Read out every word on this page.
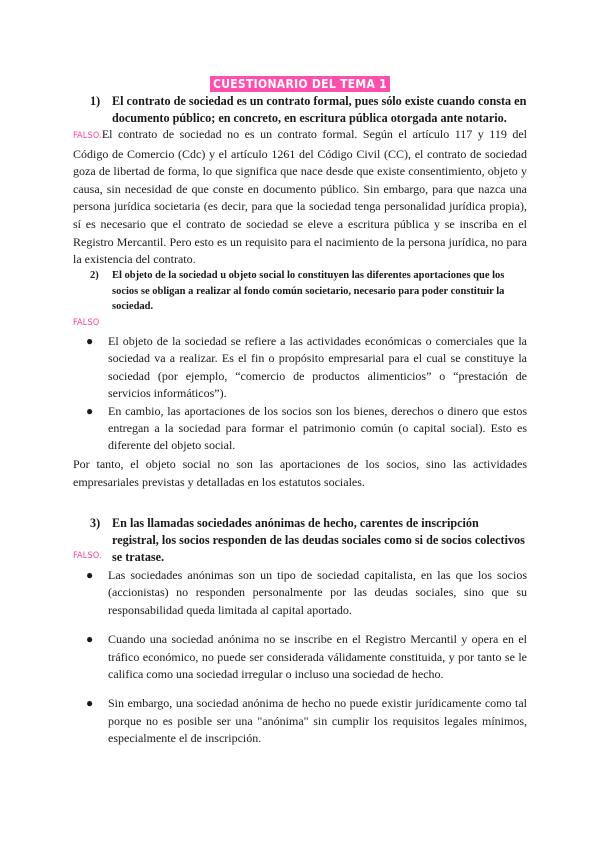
CUESTIONARIO DEL TEMA 1
1) El contrato de sociedad es un contrato formal, pues sólo existe cuando consta en documento público; en concreto, en escritura pública otorgada ante notario.
FALSO.El contrato de sociedad no es un contrato formal. Según el artículo 117 y 119 del Código de Comercio (Cdc) y el artículo 1261 del Código Civil (CC), el contrato de sociedad goza de libertad de forma, lo que significa que nace desde que existe consentimiento, objeto y causa, sin necesidad de que conste en documento público. Sin embargo, para que nazca una persona jurídica societaria (es decir, para que la sociedad tenga personalidad jurídica propia), sí es necesario que el contrato de sociedad se eleve a escritura pública y se inscriba en el Registro Mercantil. Pero esto es un requisito para el nacimiento de la persona jurídica, no para la existencia del contrato.
2)	El objeto de la sociedad u objeto social lo constituyen las diferentes aportaciones que los socios se obligan a realizar al fondo común societario, necesario para poder constituir la sociedad.
FALSO
● El objeto de la sociedad se refiere a las actividades económicas o comerciales que la sociedad va a realizar. Es el fin o propósito empresarial para el cual se constituye la sociedad (por ejemplo, “comercio de productos alimenticios” o “prestación de servicios informáticos”).
● En cambio, las aportaciones de los socios son los bienes, derechos o dinero que estos entregan a la sociedad para formar el patrimonio común (o capital social). Esto es diferente del objeto social.
Por tanto, el objeto social no son las aportaciones de los socios, sino las actividades empresariales previstas y detalladas en los estatutos sociales.
3) En las llamadas sociedades anónimas de hecho, carentes de inscripción registral, los socios responden de las deudas sociales como si de socios colectivos se tratase.
FALSO.
● Las sociedades anónimas son un tipo de sociedad capitalista, en las que los socios (accionistas) no responden personalmente por las deudas sociales, sino que su responsabilidad queda limitada al capital aportado.
● Cuando una sociedad anónima no se inscribe en el Registro Mercantil y opera en el tráfico económico, no puede ser considerada válidamente constituida, y por tanto se le califica como una sociedad irregular o incluso una sociedad de hecho.
● Sin embargo, una sociedad anónima de hecho no puede existir jurídicamente como tal porque no es posible ser una "anónima" sin cumplir los requisitos legales mínimos, especialmente el de inscripción.
